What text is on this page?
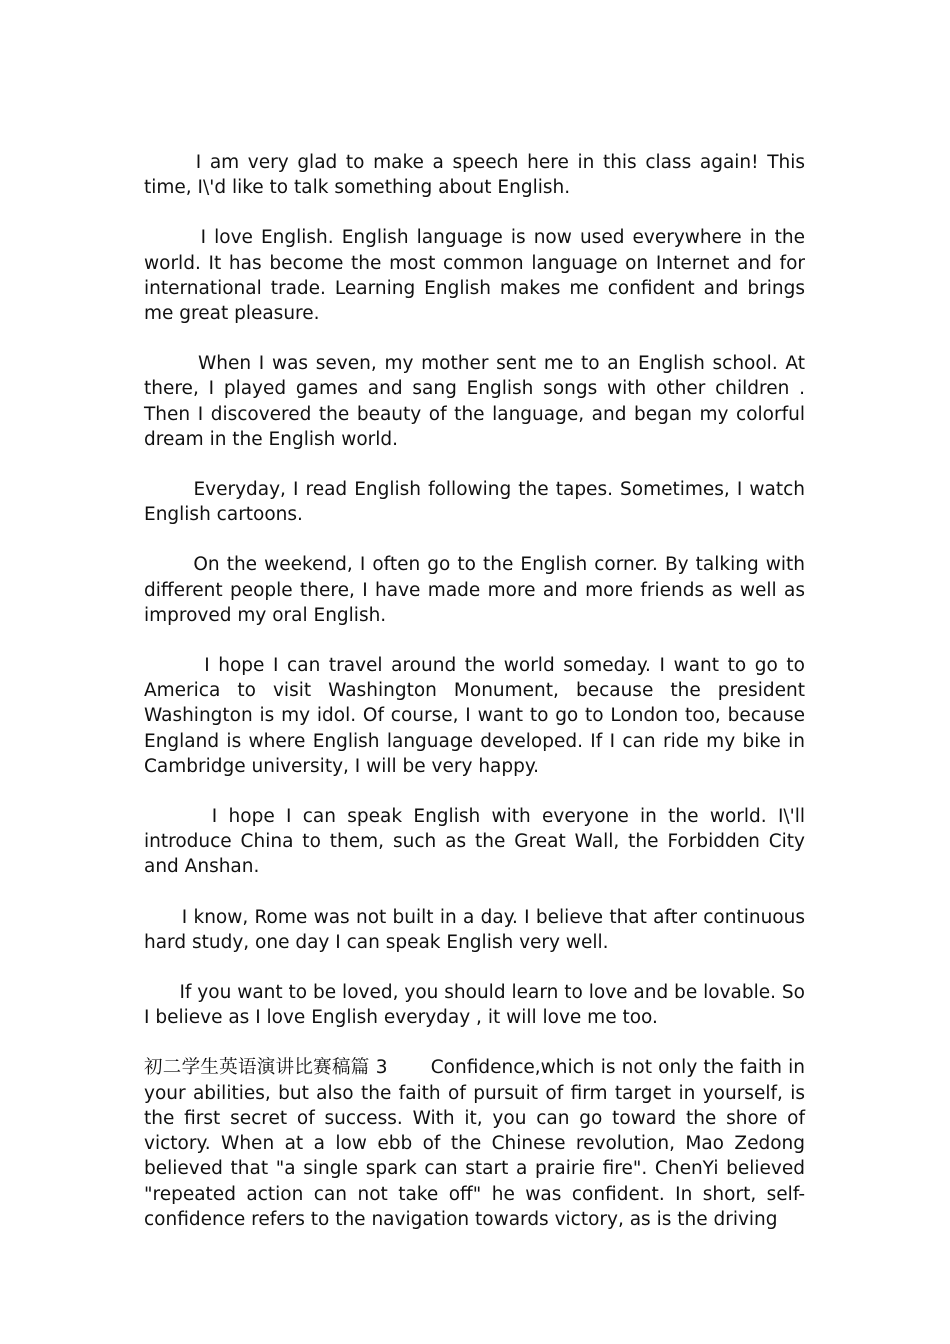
I am very glad to make a speech here in this class again! This time, I\'d like to talk something about English.

I love English. English language is now used everywhere in the world. It has become the most common language on Internet and for international trade. Learning English makes me confident and brings me great pleasure.

When I was seven, my mother sent me to an English school. At there, I played games and sang English songs with other children . Then I discovered the beauty of the language, and began my colorful dream in the English world.

Everyday, I read English following the tapes. Sometimes, I watch English cartoons.

On the weekend, I often go to the English corner. By talking with different people there, I have made more and more friends as well as improved my oral English.

I hope I can travel around the world someday. I want to go to America to visit Washington Monument, because the president Washington is my idol. Of course, I want to go to London too, because England is where English language developed. If I can ride my bike in Cambridge university, I will be very happy.

I hope I can speak English with everyone in the world. I\'ll introduce China to them, such as the Great Wall, the Forbidden City and Anshan.

I know, Rome was not built in a day. I believe that after continuous hard study, one day I can speak English very well.

If you want to be loved, you should learn to love and be lovable. So I believe as I love English everyday , it will love me too.

初二学生英语演讲比赛稿篇 3 Confidence,which is not only the faith in your abilities, but also the faith of pursuit of firm target in yourself, is the first secret of success. With it, you can go toward the shore of victory. When at a low ebb of the Chinese revolution, Mao Zedong believed that "a single spark can start a prairie fire". ChenYi believed "repeated action can not take off" he was confident. In short, self-confidence refers to the navigation towards victory, as is the driving
